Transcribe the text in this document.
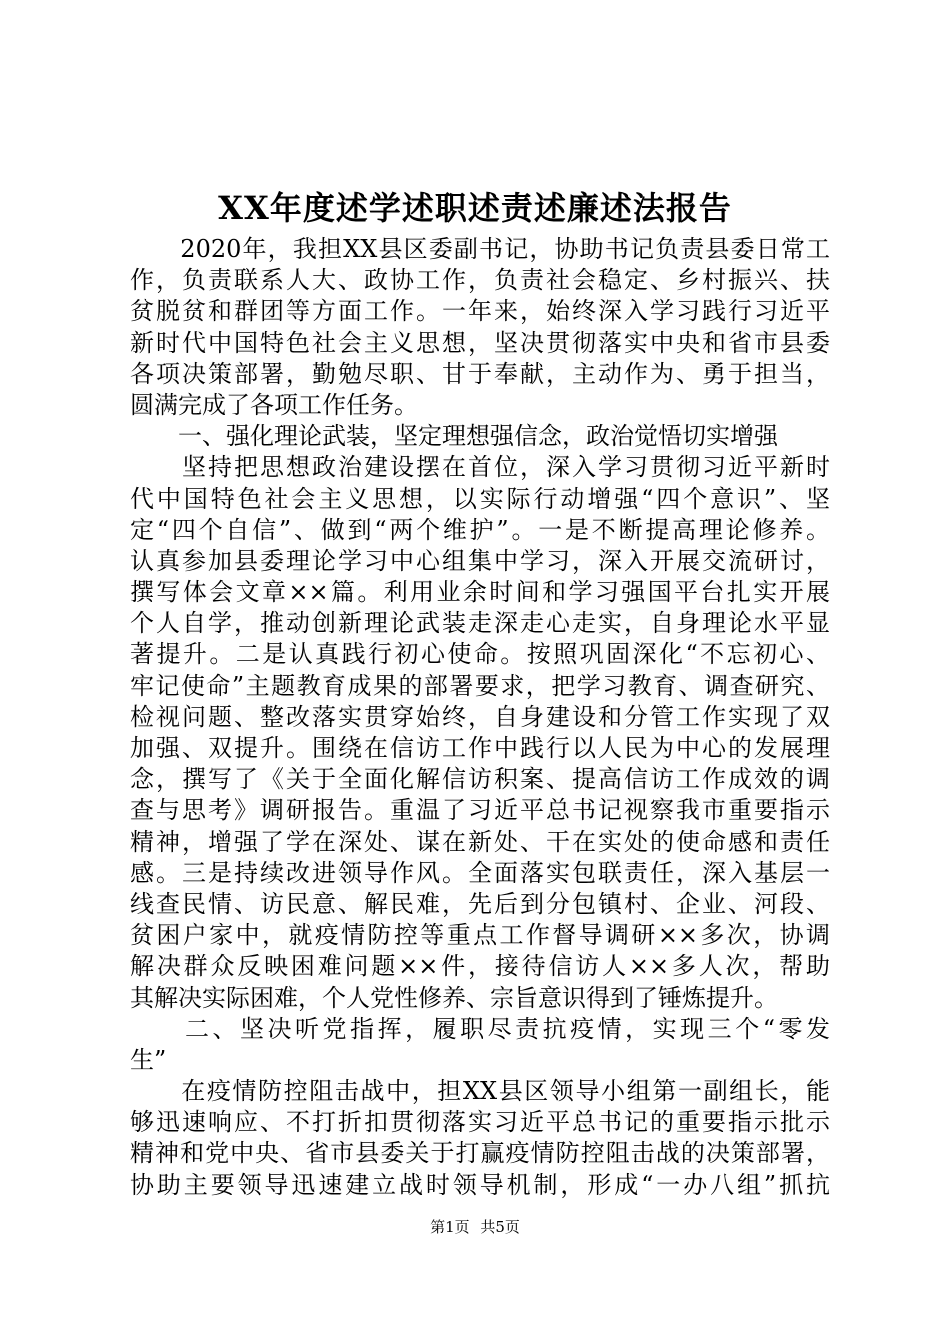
XX年度述学述职述责述廉述法报告
　　2020年，我担XX县区委副书记，协助书记负责县委日常工
作，负责联系人大、政协工作，负责社会稳定、乡村振兴、扶
贫脱贫和群团等方面工作。一年来，始终深入学习践行习近平
新时代中国特色社会主义思想，坚决贯彻落实中央和省市县委
各项决策部署，勤勉尽职、甘于奉献，主动作为、勇于担当，
圆满完成了各项工作任务。
　　一、强化理论武装，坚定理想强信念，政治觉悟切实增强
　　坚持把思想政治建设摆在首位，深入学习贯彻习近平新时
代中国特色社会主义思想，以实际行动增强“四个意识”、坚
定“四个自信”、做到“两个维护”。一是不断提高理论修养。
认真参加县委理论学习中心组集中学习，深入开展交流研讨，
撰写体会文章××篇。利用业余时间和学习强国平台扎实开展
个人自学，推动创新理论武装走深走心走实，自身理论水平显
著提升。二是认真践行初心使命。按照巩固深化“不忘初心、
牢记使命”主题教育成果的部署要求，把学习教育、调查研究、
检视问题、整改落实贯穿始终，自身建设和分管工作实现了双
加强、双提升。围绕在信访工作中践行以人民为中心的发展理
念，撰写了《关于全面化解信访积案、提高信访工作成效的调
查与思考》调研报告。重温了习近平总书记视察我市重要指示
精神，增强了学在深处、谋在新处、干在实处的使命感和责任
感。三是持续改进领导作风。全面落实包联责任，深入基层一
线查民情、访民意、解民难，先后到分包镇村、企业、河段、
贫困户家中，就疫情防控等重点工作督导调研××多次，协调
解决群众反映困难问题××件，接待信访人××多人次，帮助
其解决实际困难，个人党性修养、宗旨意识得到了锤炼提升。
　　二、坚决听党指挥，履职尽责抗疫情，实现三个“零发
生”
　　在疫情防控阻击战中，担XX县区领导小组第一副组长，能
够迅速响应、不打折扣贯彻落实习近平总书记的重要指示批示
精神和党中央、省市县委关于打赢疫情防控阻击战的决策部署，
协助主要领导迅速建立战时领导机制，形成“一办八组”抓抗
第1页 共5页
